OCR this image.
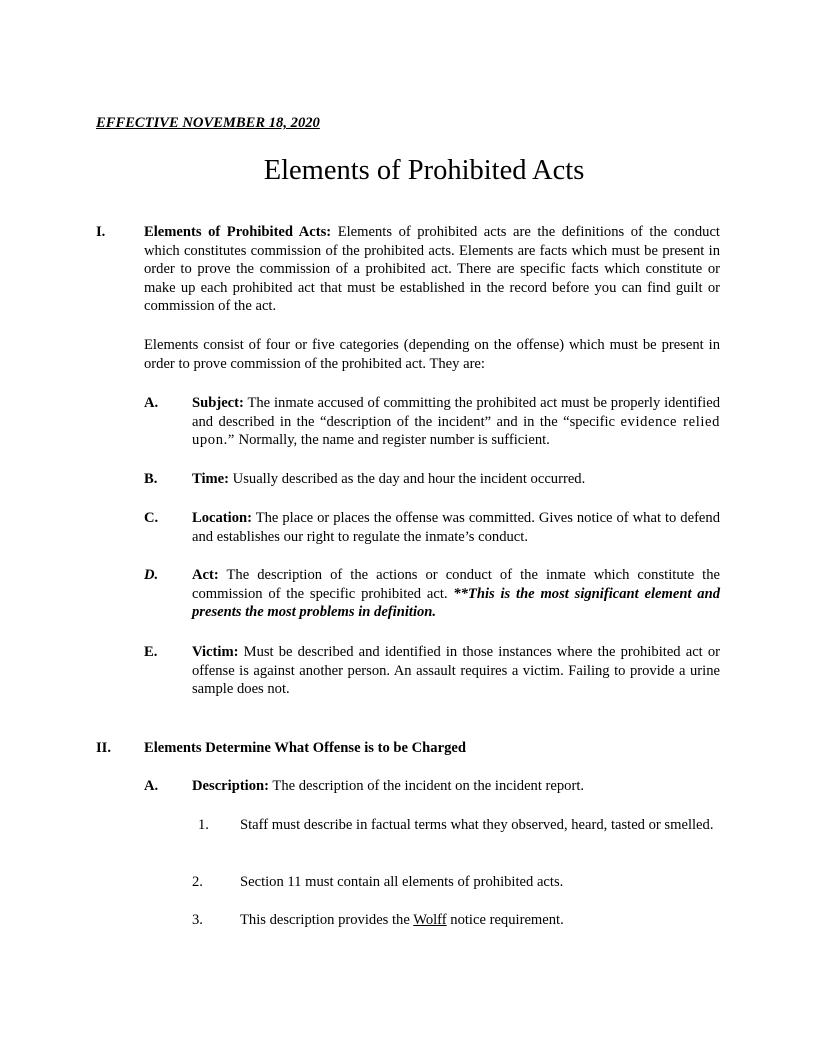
EFFECTIVE NOVEMBER 18, 2020
Elements of Prohibited Acts
I.	Elements of Prohibited Acts: Elements of prohibited acts are the definitions of the conduct which constitutes commission of the prohibited acts. Elements are facts which must be present in order to prove the commission of a prohibited act. There are specific facts which constitute or make up each prohibited act that must be established in the record before you can find guilt or commission of the act.
Elements consist of four or five categories (depending on the offense) which must be present in order to prove commission of the prohibited act. They are:
A. Subject: The inmate accused of committing the prohibited act must be properly identified and described in the “description of the incident” and in the “specific evidence relied upon.” Normally, the name and register number is sufficient.
B. Time: Usually described as the day and hour the incident occurred.
C. Location: The place or places the offense was committed. Gives notice of what to defend and establishes our right to regulate the inmate’s conduct.
D. Act: The description of the actions or conduct of the inmate which constitute the commission of the specific prohibited act. **This is the most significant element and presents the most problems in definition.
E. Victim: Must be described and identified in those instances where the prohibited act or offense is against another person. An assault requires a victim. Failing to provide a urine sample does not.
II. Elements Determine What Offense is to be Charged
A. Description: The description of the incident on the incident report.
1. Staff must describe in factual terms what they observed, heard, tasted or smelled.
2.	Section 11 must contain all elements of prohibited acts.
3.	This description provides the Wolff notice requirement.
